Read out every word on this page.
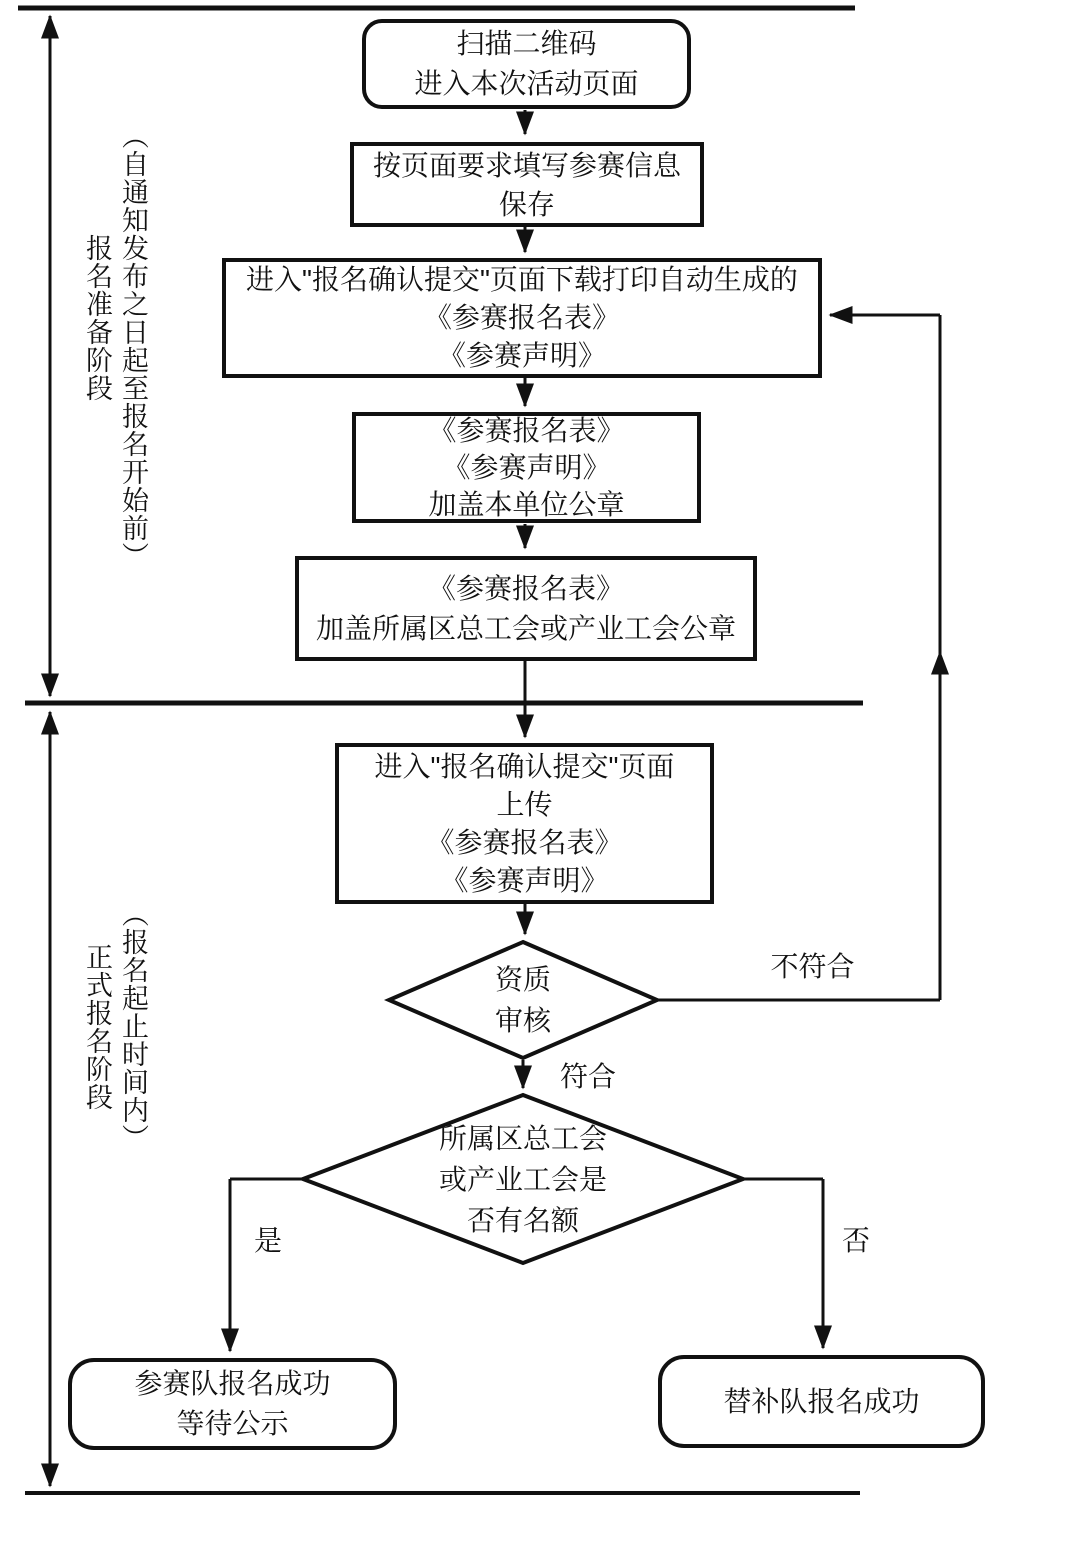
（自通知发布之日起至报名开始前）
报名准备阶段
（报名起止时间内）
正式报名阶段
扫描二维码
进入本次活动页面
按页面要求填写参赛信息
保存
进入"报名确认提交"页面下载打印自动生成的
《参赛报名表》
《参赛声明》
《参赛报名表》
《参赛声明》
加盖本单位公章
《参赛报名表》
加盖所属区总工会或产业工会公章
进入"报名确认提交"页面
上传
《参赛报名表》
《参赛声明》
资质
审核
所属区总工会
或产业工会是
否有名额
参赛队报名成功
等待公示
替补队报名成功
不符合
符合
是	否
